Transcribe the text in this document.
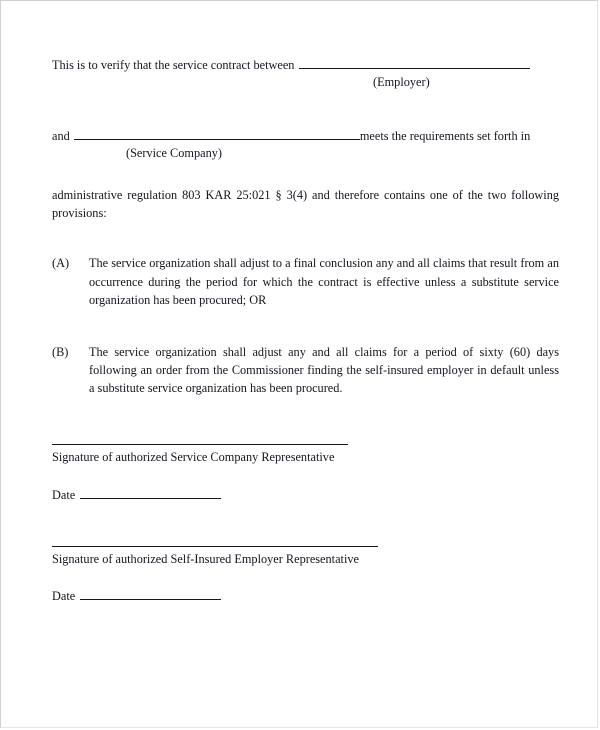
This is to verify that the service contract between
(Employer)
and	meets the requirements set forth in
(Service Company)
administrative regulation 803 KAR 25:021 § 3(4) and therefore contains one of the two following provisions:
(A)	The service organization shall adjust to a final conclusion any and all claims that result from an occurrence during the period for which the contract is effective unless a substitute service organization has been procured; OR
(B)	The service organization shall adjust any and all claims for a period of sixty (60) days following an order from the Commissioner finding the self-insured employer in default unless a substitute service organization has been procured.
Signature of authorized Service Company Representative
Date
Signature of authorized Self-Insured Employer Representative
Date
